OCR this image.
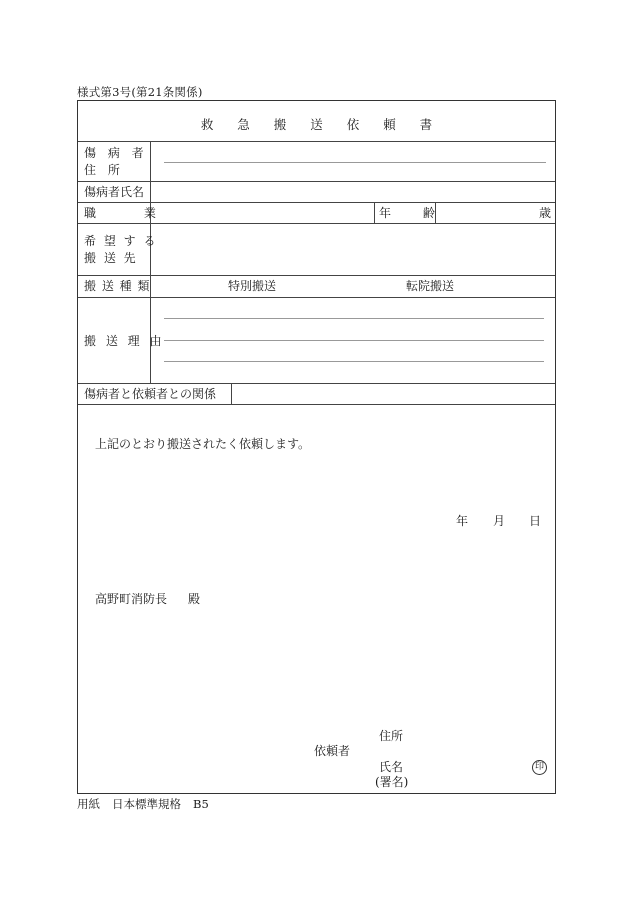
様式第3号(第21条関係)
救 急 搬 送 依 頼 書
傷 病 者
住 所
傷病者氏名
職 業	年 齢	歳
希 望 す る
搬 送 先
搬 送 種 類	特別搬送	転院搬送
搬 送 理 由
傷病者と依頼者との関係
上記のとおり搬送されたく依頼します。
年 月 日
高野町消防長 殿
依頼者
住所
氏名
(署名)
印
用紙 日本標準規格 B5
